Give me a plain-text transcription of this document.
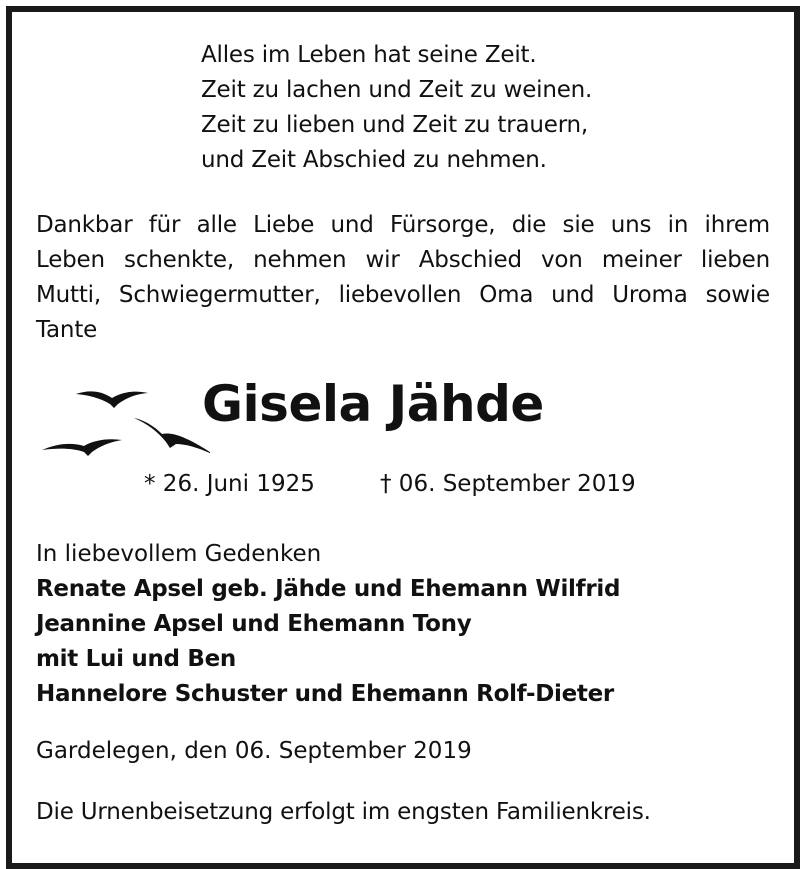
Alles im Leben hat seine Zeit.
Zeit zu lachen und Zeit zu weinen.
Zeit zu lieben und Zeit zu trauern,
und Zeit Abschied zu nehmen.
Dankbar für alle Liebe und Fürsorge, die sie uns in ihrem
Leben schenkte, nehmen wir Abschied von meiner lieben
Mutti, Schwiegermutter, liebevollen Oma und Uroma sowie
Tante
Gisela Jähde
* 26. Juni 1925	† 06. September 2019
In liebevollem Gedenken
Renate Apsel geb. Jähde und Ehemann Wilfrid
Jeannine Apsel und Ehemann Tony
mit Lui und Ben
Hannelore Schuster und Ehemann Rolf-Dieter
Gardelegen, den 06. September 2019
Die Urnenbeisetzung erfolgt im engsten Familienkreis.
